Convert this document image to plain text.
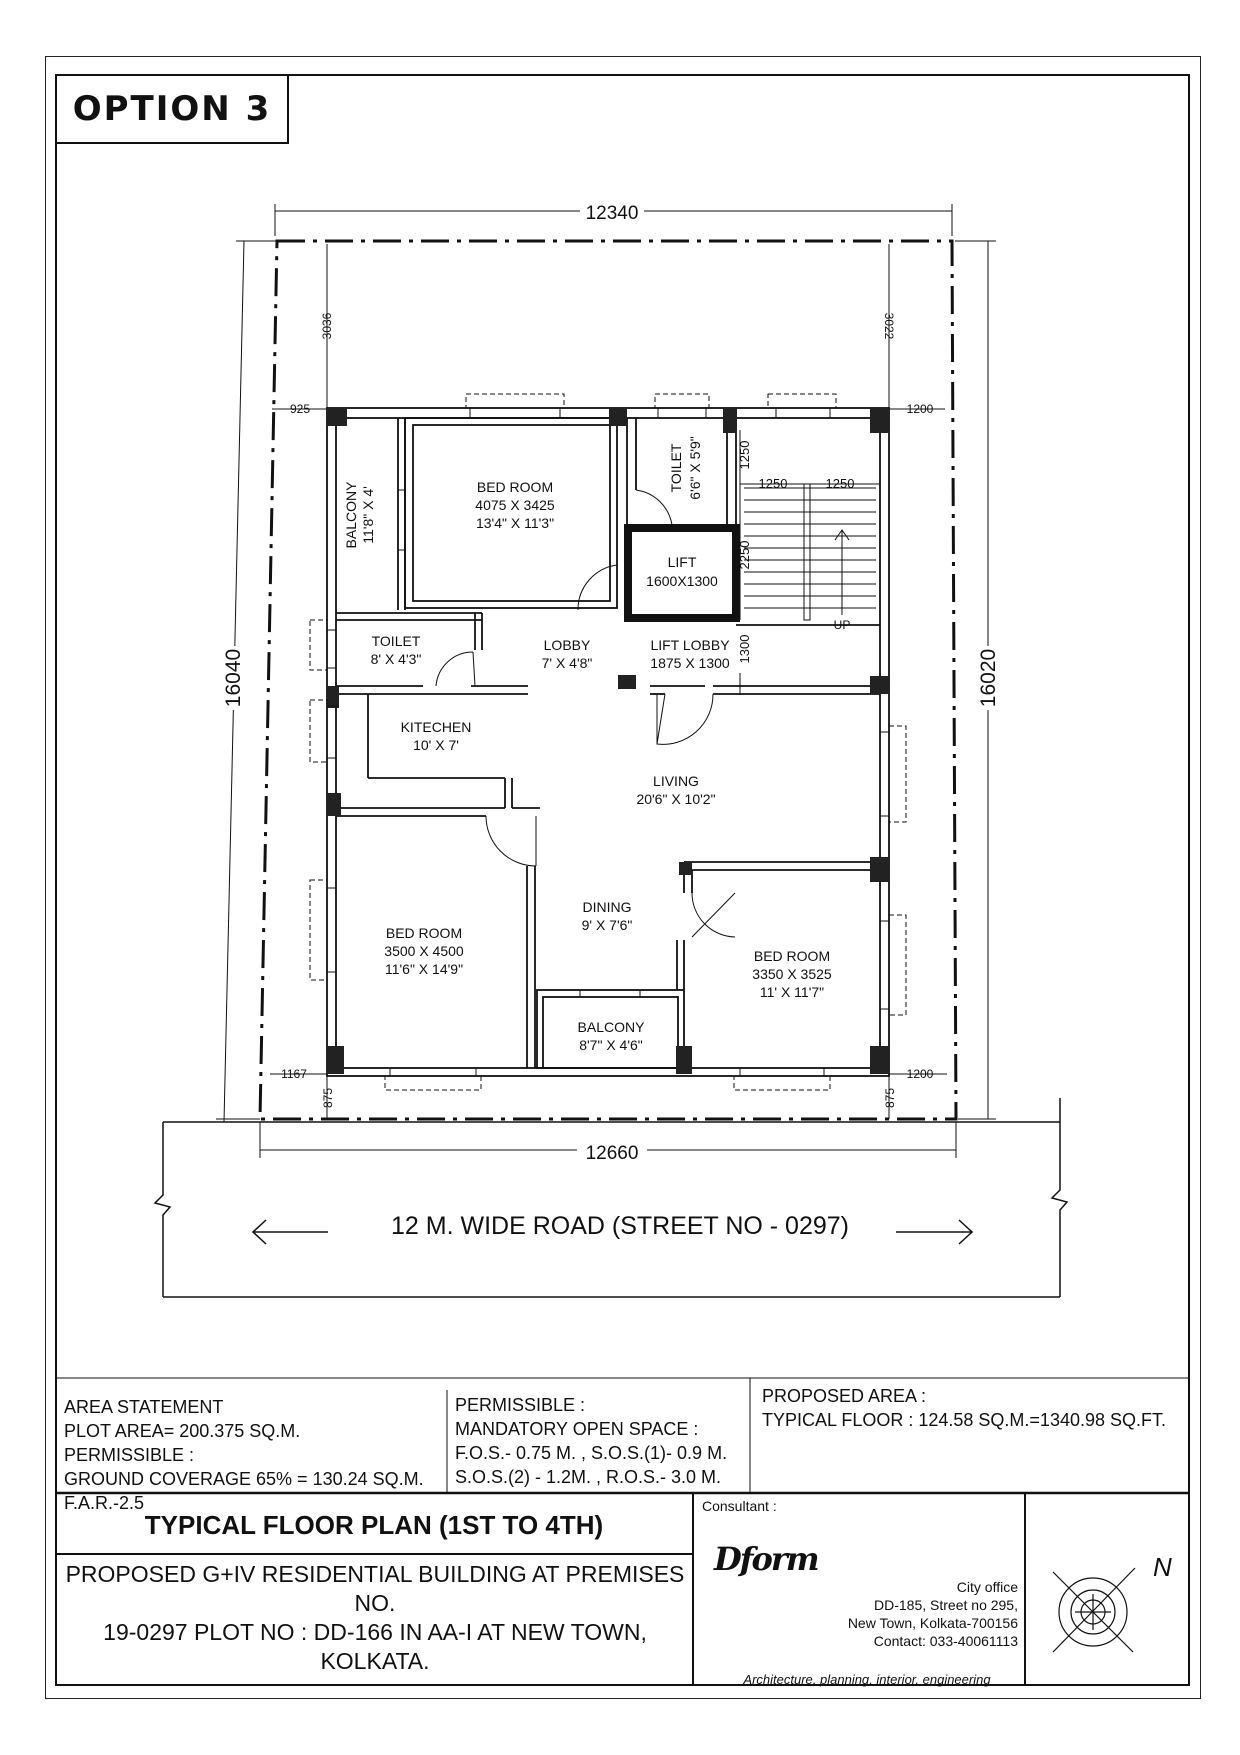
OPTION 3
BED ROOM
4075 X 3425
13'4" X 11'3"
BALCONY 11'8" X 4'
TOILET 6'6" X 5'9"
LIFT
1600X1300
TOILET
8' X 4'3"
LOBBY
7' X 4'8"
LIFT LOBBY
1875 X 1300
KITECHEN
10' X 7'
LIVING
20'6" X 10'2"
DINING
9' X 7'6"
BED ROOM
3500 X 4500
11'6" X 14'9"
BED ROOM
3350 X 3525
11' X 11'7"
BALCONY
8'7" X 4'6"
UP
12340
12660
16040	16020
3036	3022
925	1200
1167	1200
875	875
1250	1250
1250
2250
1300
N
12 M. WIDE ROAD (STREET NO - 0297)
AREA STATEMENT
PLOT AREA= 200.375 SQ.M.
PERMISSIBLE :
GROUND COVERAGE 65% = 130.24 SQ.M.
F.A.R.-2.5
PERMISSIBLE :
MANDATORY OPEN SPACE :
F.O.S.- 0.75 M. , S.O.S.(1)- 0.9 M.
S.O.S.(2) - 1.2M. , R.O.S.- 3.0 M.
PROPOSED AREA :
TYPICAL FLOOR : 124.58 SQ.M.=1340.98 SQ.FT.
TYPICAL FLOOR PLAN (1ST TO 4TH)
PROPOSED G+IV RESIDENTIAL BUILDING AT PREMISES NO.
19-0297 PLOT NO : DD-166 IN AA-I AT NEW TOWN,
KOLKATA.
Consultant :
Dform
City office
DD-185, Street no 295,
New Town, Kolkata-700156
Contact: 033-40061113
Architecture, planning, interior, engineering
